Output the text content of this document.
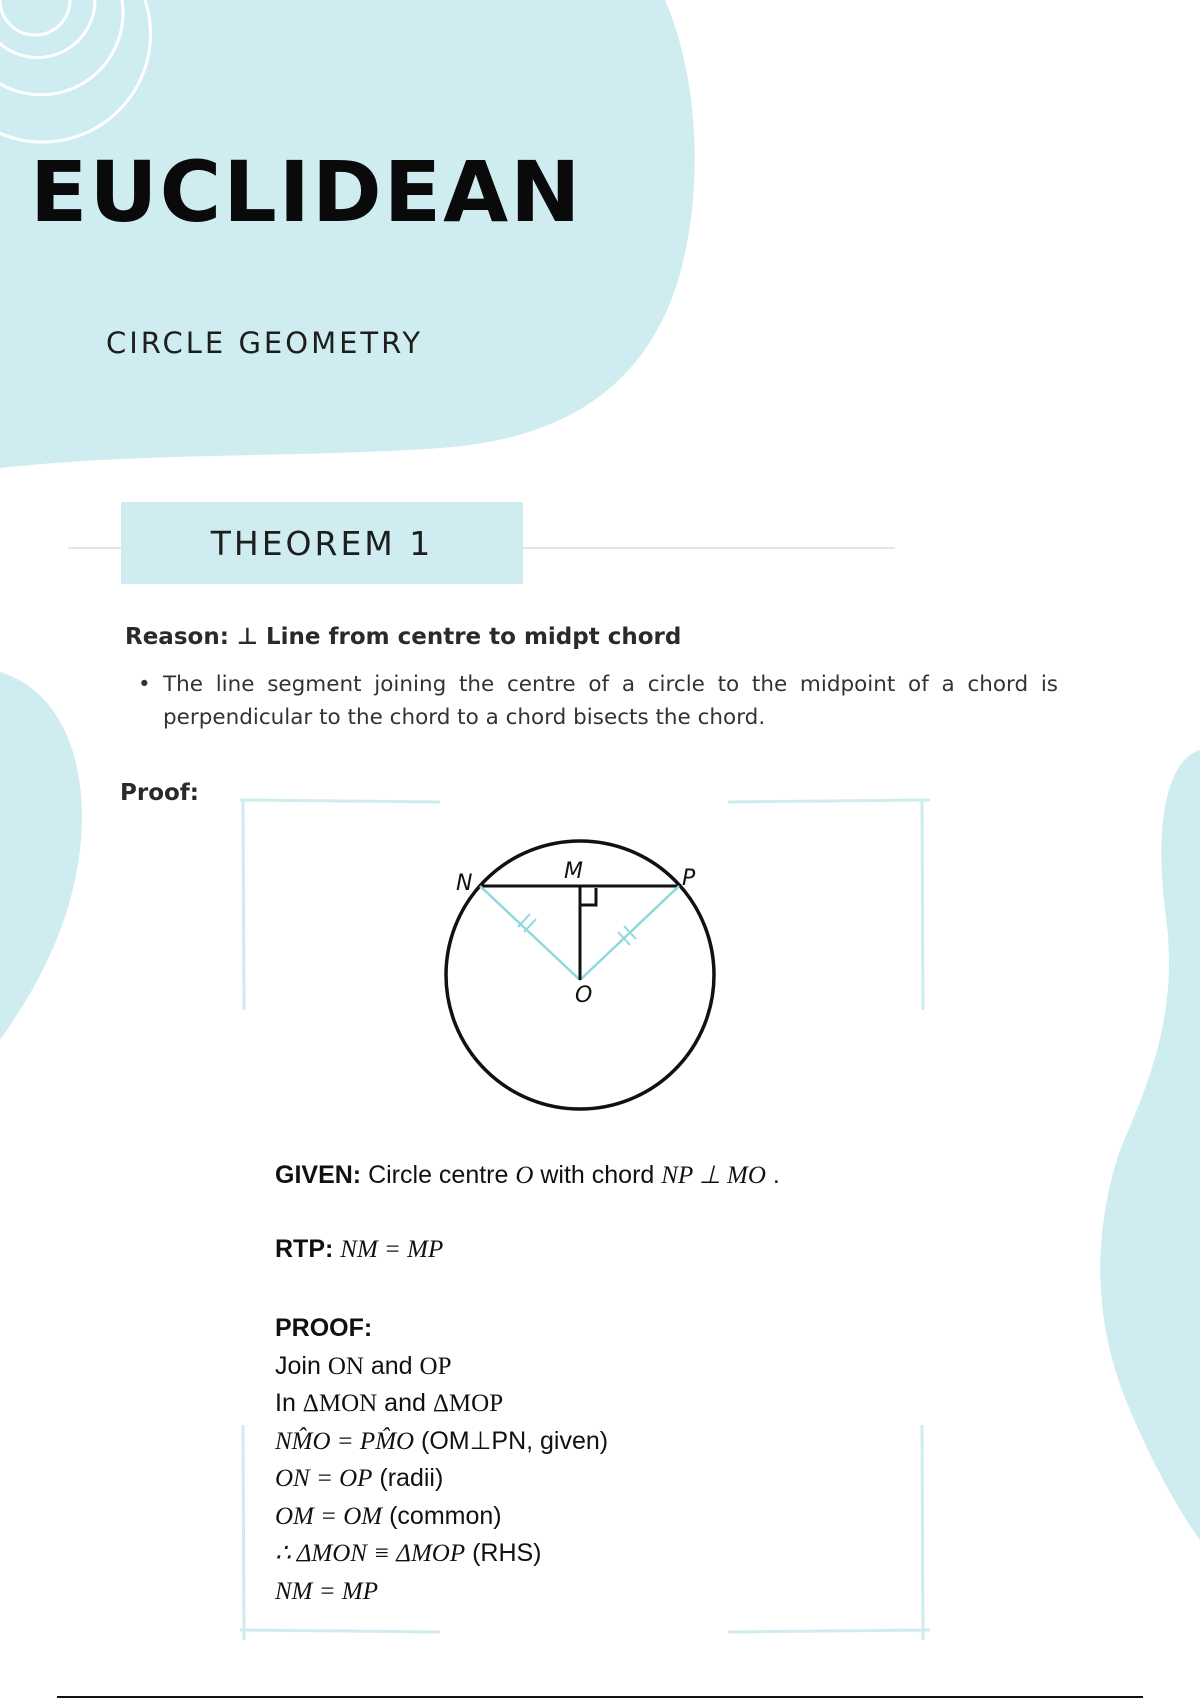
EUCLIDEAN
CIRCLE GEOMETRY
THEOREM 1
Reason: ⊥ Line from centre to midpt chord
• The line segment joining the centre of a circle to the midpoint of a chord is perpendicular to the chord to a chord bisects the chord.
Proof:
N	M	P
O
GIVEN: Circle centre O with chord NP ⊥ MO .
RTP: NM = MP
PROOF:
Join ON and OP
In ΔMON and ΔMOP
NM̂O = PM̂O (OM⊥PN, given)
ON = OP (radii)
OM = OM (common)
∴ ΔMON ≡ ΔMOP (RHS)
NM = MP
